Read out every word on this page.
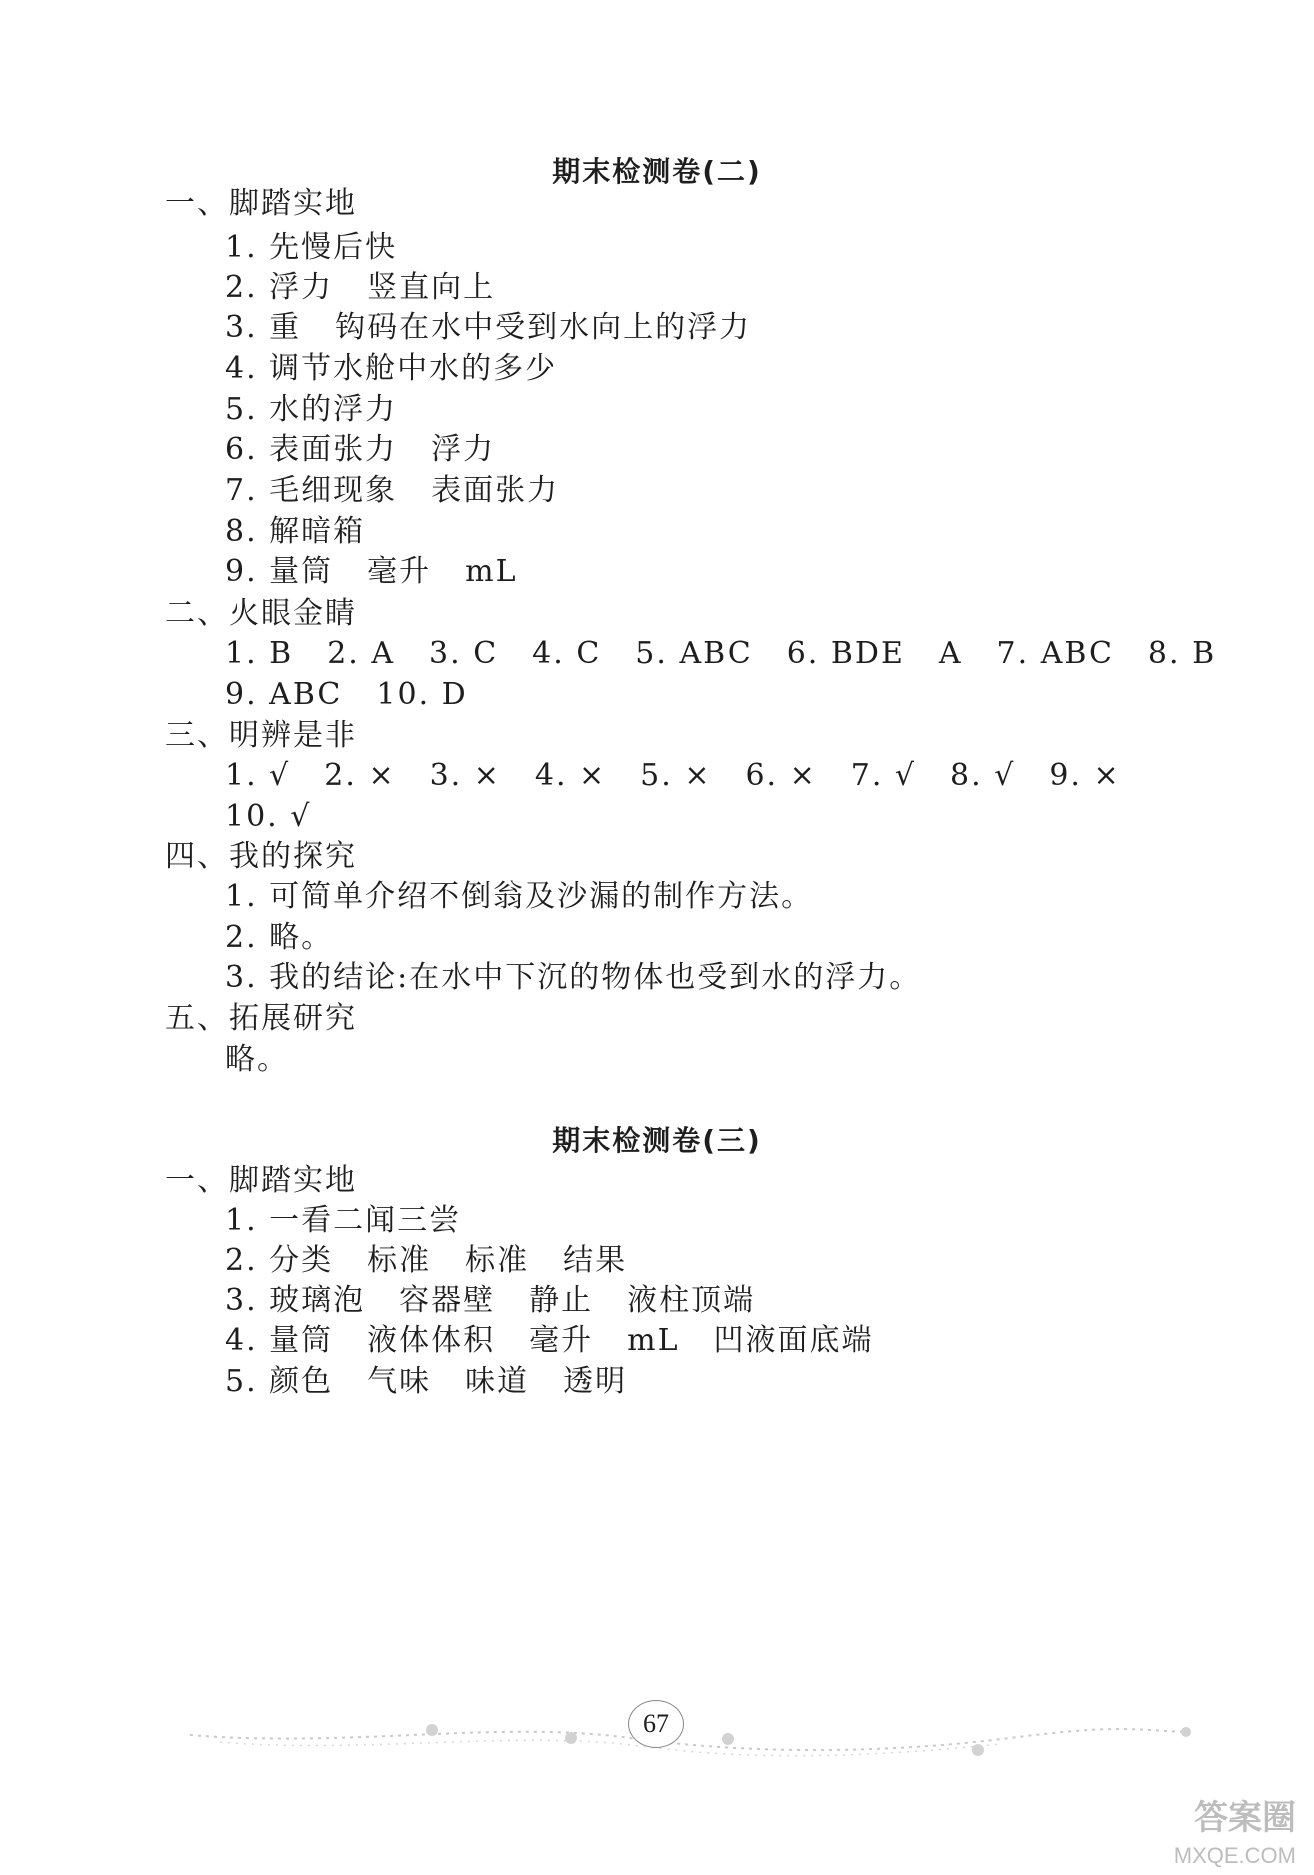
期末检测卷(二)
一、脚踏实地
1. 先慢后快
2. 浮力 竖直向上
3. 重 钩码在水中受到水向上的浮力
4. 调节水舱中水的多少
5. 水的浮力
6. 表面张力 浮力
7. 毛细现象 表面张力
8. 解暗箱
9. 量筒 毫升 mL
二、火眼金睛
1. B 2. A 3. C 4. C 5. ABC 6. BDE A 7. ABC 8. B
9. ABC 10. D
三、明辨是非
1. √ 2. × 3. × 4. × 5. × 6. × 7. √ 8. √ 9. ×
10. √
四、我的探究
1. 可简单介绍不倒翁及沙漏的制作方法。
2. 略。
3. 我的结论:在水中下沉的物体也受到水的浮力。
五、拓展研究
略。
期末检测卷(三)
一、脚踏实地
1. 一看二闻三尝
2. 分类 标准 标准 结果
3. 玻璃泡 容器壁 静止 液柱顶端
4. 量筒 液体体积 毫升 mL 凹液面底端
5. 颜色 气味 味道 透明
67
答案圈
MXQE.COM
